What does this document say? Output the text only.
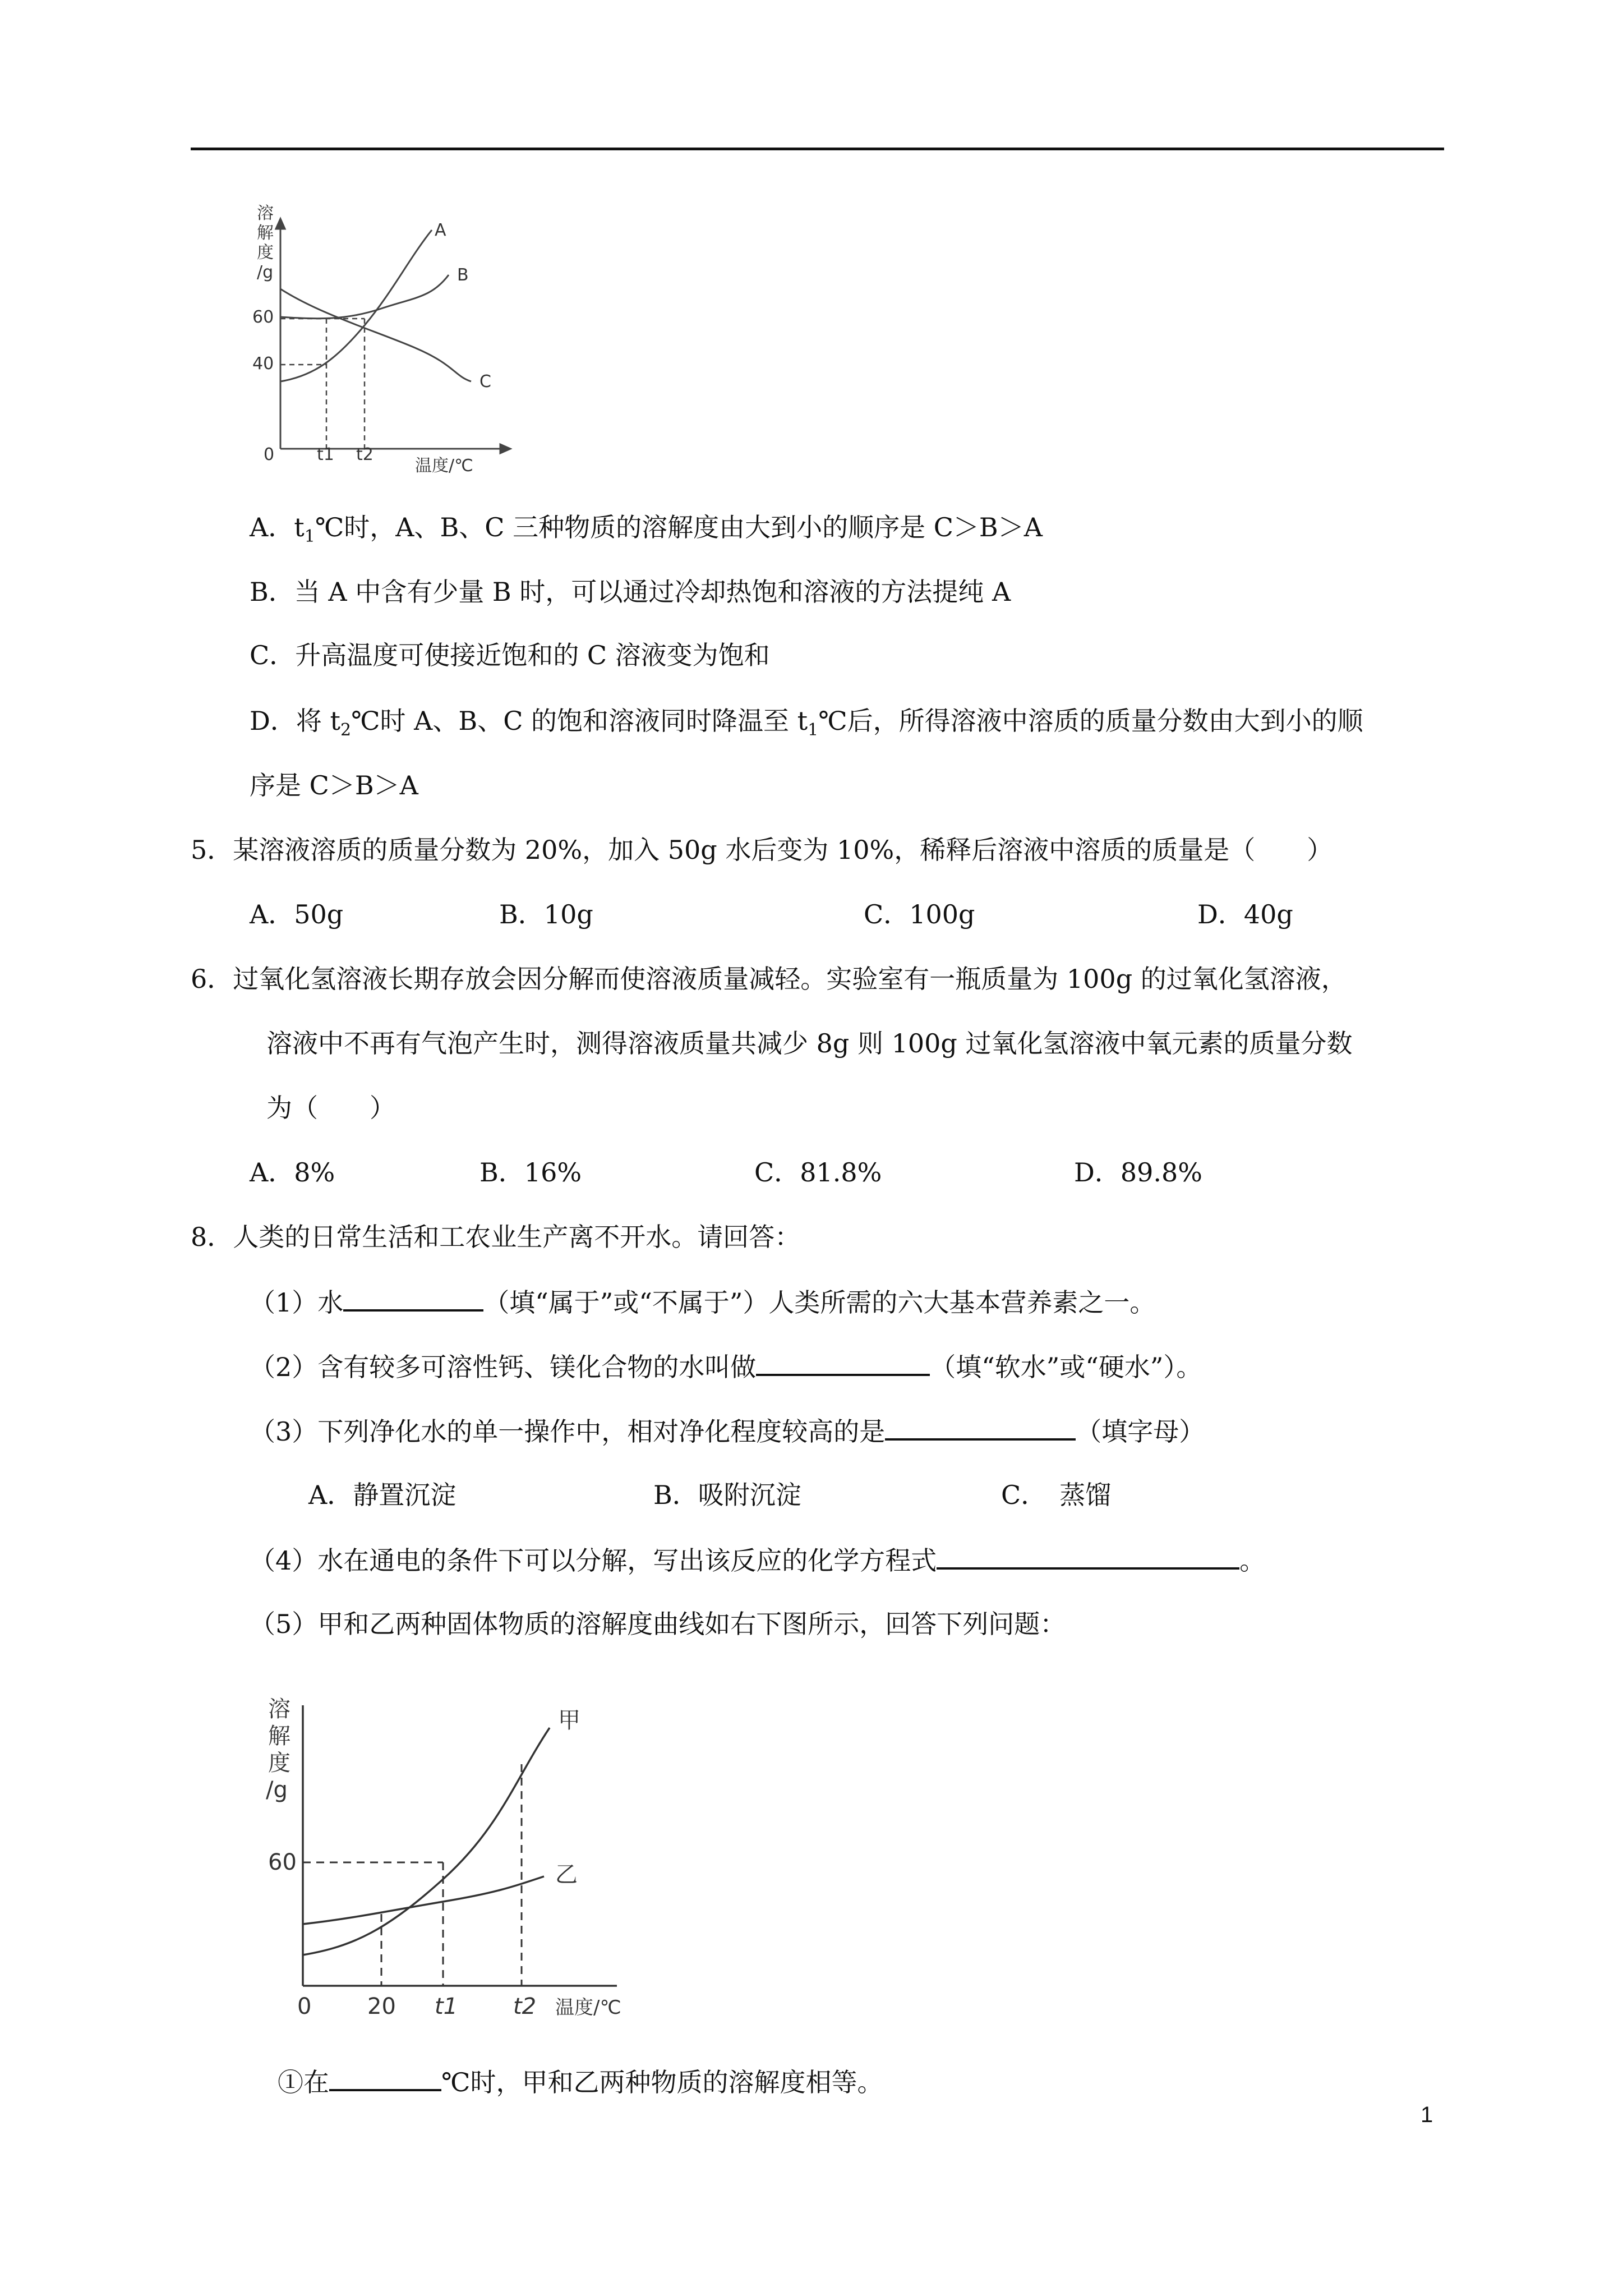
溶
解
度
/g
60
40
0	t1 t2
温度/℃
A
B
C
A．$t_1℃$时，A、B、C 三种物质的溶解度由大到小的顺序是 C＞B＞A
B．当 A 中含有少量 B 时，可以通过冷却热饱和溶液的方法提纯 A
C．升高温度可使接近饱和的 C 溶液变为饱和
D．将 $t_2℃$时 A、B、C 的饱和溶液同时降温至 $t_1℃$后，所得溶液中溶质的质量分数由大到小的顺
序是 C＞B＞A
5．某溶液溶质的质量分数为 20%，加入 50g 水后变为 10%，稀释后溶液中溶质的质量是（　　）
A．50g	B．10g	C．100g	D．40g
6．过氧化氢溶液长期存放会因分解而使溶液质量减轻。实验室有一瓶质量为 100g 的过氧化氢溶液，
溶液中不再有气泡产生时，测得溶液质量共减少 8g 则 100g 过氧化氢溶液中氧元素的质量分数
为（　　）
A．8%	B．16%	C．81.8%	D．89.8%
8．人类的日常生活和工农业生产离不开水。请回答：
（1）水	（填“属于”或“不属于”）人类所需的六大基本营养素之一。
（2）含有较多可溶性钙、镁化合物的水叫做	（填“软水”或“硬水”）。
（3）下列净化水的单一操作中，相对净化程度较高的是	（填字母）
A．静置沉淀	B．吸附沉淀	C．　蒸馏
（4）水在通电的条件下可以分解，写出该反应的化学方程式	。
（5）甲和乙两种固体物质的溶解度曲线如右下图所示，回答下列问题：
溶
解
度
/g
60
0 20 t1 t2 温度/℃
甲
乙
①在	℃时，甲和乙两种物质的溶解度相等。
1
